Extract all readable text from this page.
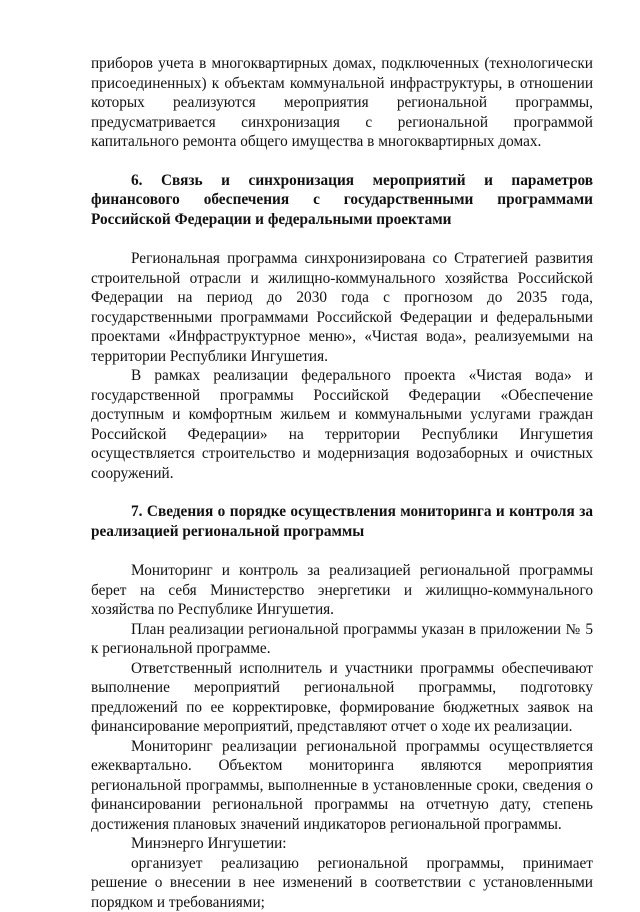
приборов учета в многоквартирных домах, подключенных (технологически присоединенных) к объектам коммунальной инфраструктуры, в отношении которых реализуются мероприятия региональной программы, предусматривается синхронизация с региональной программой капитального ремонта общего имущества в многоквартирных домах.

6. Связь и синхронизация мероприятий и параметров финансового обеспечения с государственными программами Российской Федерации и федеральными проектами

Региональная программа синхронизирована со Стратегией развития строительной отрасли и жилищно-коммунального хозяйства Российской Федерации на период до 2030 года с прогнозом до 2035 года, государственными программами Российской Федерации и федеральными проектами «Инфраструктурное меню», «Чистая вода», реализуемыми на территории Республики Ингушетия.

В рамках реализации федерального проекта «Чистая вода» и государственной программы Российской Федерации «Обеспечение доступным и комфортным жильем и коммунальными услугами граждан Российской Федерации» на территории Республики Ингушетия осуществляется строительство и модернизация водозаборных и очистных сооружений.

7. Сведения о порядке осуществления мониторинга и контроля за реализацией региональной программы

Мониторинг и контроль за реализацией региональной программы берет на себя Министерство энергетики и жилищно-коммунального хозяйства по Республике Ингушетия.

План реализации региональной программы указан в приложении № 5 к региональной программе.

Ответственный исполнитель и участники программы обеспечивают выполнение мероприятий региональной программы, подготовку предложений по ее корректировке, формирование бюджетных заявок на финансирование мероприятий, представляют отчет о ходе их реализации.

Мониторинг реализации региональной программы осуществляется ежеквартально. Объектом мониторинга являются мероприятия региональной программы, выполненные в установленные сроки, сведения о финансировании региональной программы на отчетную дату, степень достижения плановых значений индикаторов региональной программы.

Минэнерго Ингушетии:

организует реализацию региональной программы, принимает решение о внесении в нее изменений в соответствии с установленными порядком и требованиями;
